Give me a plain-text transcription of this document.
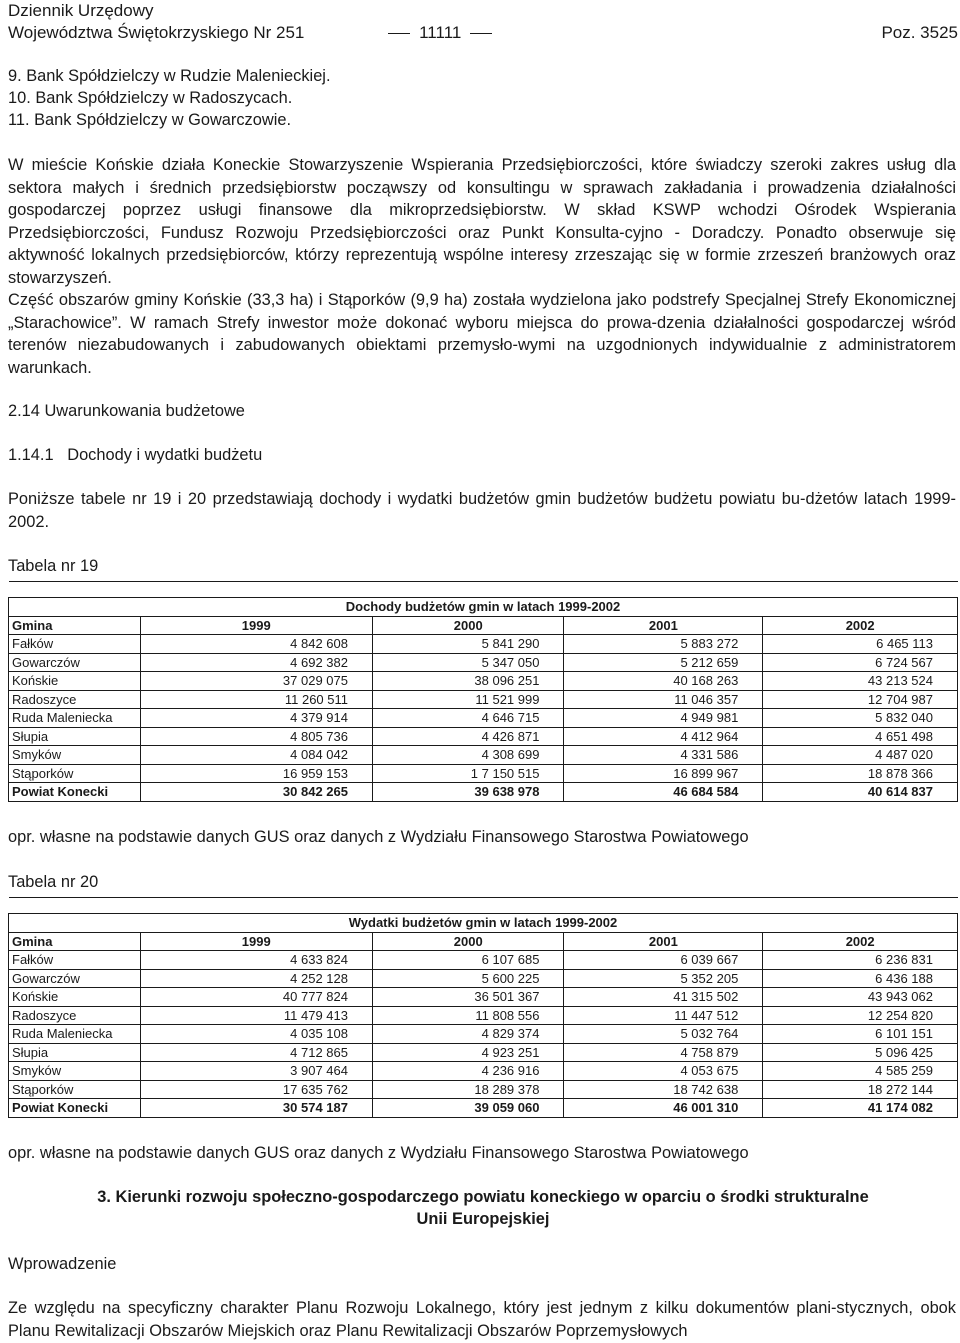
Dziennik Urzędowy
Województwa Świętokrzyskiego Nr 251	11111	Poz. 3525
9. Bank Spółdzielczy w Rudzie Malenieckiej.
10. Bank Spółdzielczy w Radoszycach.
11. Bank Spółdzielczy w Gowarczowie.
W mieście Końskie działa Koneckie Stowarzyszenie Wspierania Przedsiębiorczości, które świadczy szeroki zakres usług dla sektora małych i średnich przedsiębiorstw począwszy od konsultingu w sprawach zakładania i prowadzenia działalności gospodarczej poprzez usługi finansowe dla mikroprzedsiębiorstw. W skład KSWP wchodzi Ośrodek Wspierania Przedsiębiorczości, Fundusz Rozwoju Przedsiębiorczości oraz Punkt Konsulta-cyjno - Doradczy. Ponadto obserwuje się aktywność lokalnych przedsiębiorców, którzy reprezentują wspólne interesy zrzeszając się w formie zrzeszeń branżowych oraz stowarzyszeń.
Część obszarów gminy Końskie (33,3 ha) i Stąporków (9,9 ha) została wydzielona jako podstrefy Specjalnej Strefy Ekonomicznej „Starachowice”. W ramach Strefy inwestor może dokonać wyboru miejsca do prowa-dzenia działalności gospodarczej wśród terenów niezabudowanych i zabudowanych obiektami przemysło-wymi na uzgodnionych indywidualnie z administratorem warunkach.
2.14 Uwarunkowania budżetowe
1.14.1   Dochody i wydatki budżetu
Poniższe tabele nr 19 i 20 przedstawiają dochody i wydatki budżetów gmin budżetów budżetu powiatu bu-dżetów latach 1999-2002.
Tabela nr 19

Dochody budżetów gmin w latach 1999-2002				
Gmina	1999	2000	2001	2002
Fałków	4 842 608	5 841 290	5 883 272	6 465 113
Gowarczów	4 692 382	5 347 050	5 212 659	6 724 567
Końskie	37 029 075	38 096 251	40 168 263	43 213 524
Radoszyce	11 260 511	11 521 999	11 046 357	12 704 987
Ruda Maleniecka	4 379 914	4 646 715	4 949 981	5 832 040
Słupia	4 805 736	4 426 871	4 412 964	4 651 498
Smyków	4 084 042	4 308 699	4 331 586	4 487 020
Stąporków	16 959 153	1 7 150 515	16 899 967	18 878 366
Powiat Konecki	30 842 265	39 638 978	46 684 584	40 614 837
opr. własne na podstawie danych GUS oraz danych z Wydziału Finansowego Starostwa Powiatowego
Tabela nr 20

Wydatki budżetów gmin w latach 1999-2002				
Gmina	1999	2000	2001	2002
Fałków	4 633 824	6 107 685	6 039 667	6 236 831
Gowarczów	4 252 128	5 600 225	5 352 205	6 436 188
Końskie	40 777 824	36 501 367	41 315 502	43 943 062
Radoszyce	11 479 413	11 808 556	11 447 512	12 254 820
Ruda Maleniecka	4 035 108	4 829 374	5 032 764	6 101 151
Słupia	4 712 865	4 923 251	4 758 879	5 096 425
Smyków	3 907 464	4 236 916	4 053 675	4 585 259
Stąporków	17 635 762	18 289 378	18 742 638	18 272 144
Powiat Konecki	30 574 187	39 059 060	46 001 310	41 174 082
opr. własne na podstawie danych GUS oraz danych z Wydziału Finansowego Starostwa Powiatowego
3. Kierunki rozwoju społeczno-gospodarczego powiatu koneckiego w oparciu o środki strukturalne
Unii Europejskiej
Wprowadzenie
Ze względu na specyficzny charakter Planu Rozwoju Lokalnego, który jest jednym z kilku dokumentów plani-stycznych, obok Planu Rewitalizacji Obszarów Miejskich oraz Planu Rewitalizacji Obszarów Poprzemysłowych
